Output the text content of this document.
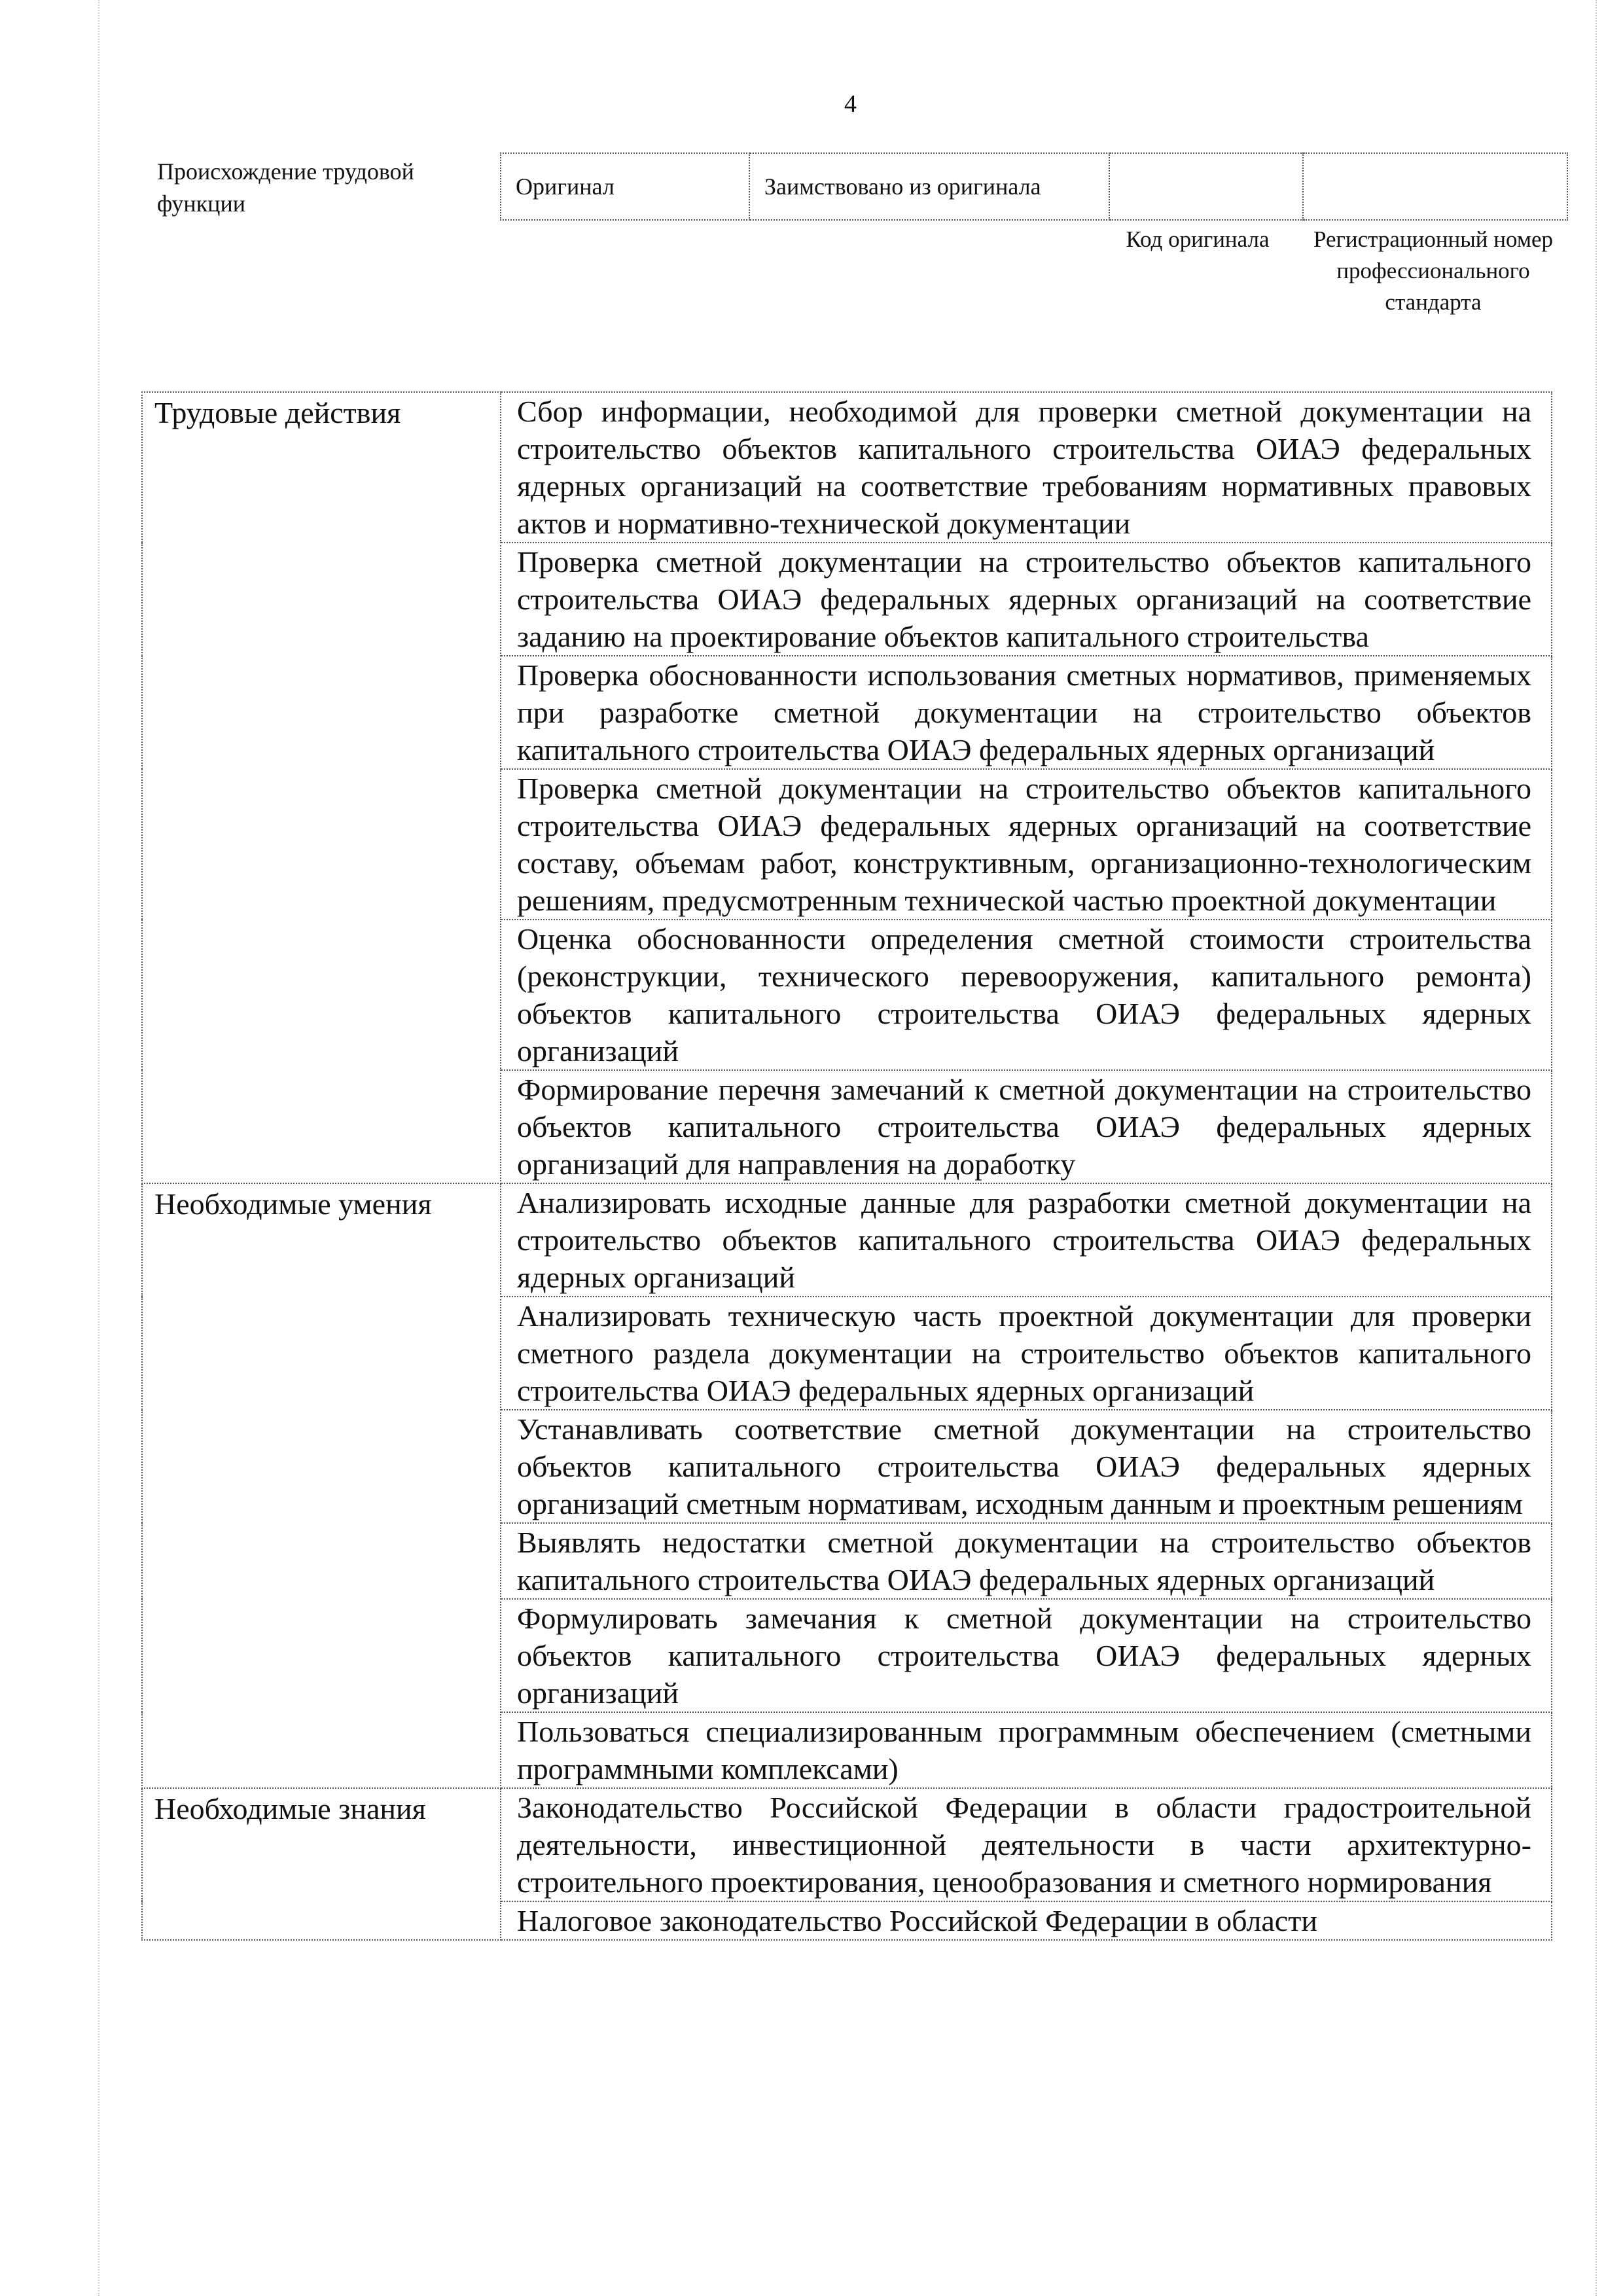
4
Происхождение трудовой функции
Оригинал	Заимствовано из оригинала		
Код оригинала	Регистрационный номер профессионального стандарта
Трудовые действия	Сбор информации, необходимой для проверки сметной документации на строительство объектов капитального строительства ОИАЭ федеральных ядерных организаций на соответствие требованиям нормативных правовых актов и нормативно-технической документации
	Проверка сметной документации на строительство объектов капитального строительства ОИАЭ федеральных ядерных организаций на соответствие заданию на проектирование объектов капитального строительства
	Проверка обоснованности использования сметных нормативов, применяемых при разработке сметной документации на строительство объектов капитального строительства ОИАЭ федеральных ядерных организаций
	Проверка сметной документации на строительство объектов капитального строительства ОИАЭ федеральных ядерных организаций на соответствие составу, объемам работ, конструктивным, организационно-технологическим решениям, предусмотренным технической частью проектной документации
	Оценка обоснованности определения сметной стоимости строительства (реконструкции, технического перевооружения, капитального ремонта) объектов капитального строительства ОИАЭ федеральных ядерных организаций
	Формирование перечня замечаний к сметной документации на строительство объектов капитального строительства ОИАЭ федеральных ядерных организаций для направления на доработку
Необходимые умения	Анализировать исходные данные для разработки сметной документации на строительство объектов капитального строительства ОИАЭ федеральных ядерных организаций
	Анализировать техническую часть проектной документации для проверки сметного раздела документации на строительство объектов капитального строительства ОИАЭ федеральных ядерных организаций
	Устанавливать соответствие сметной документации на строительство объектов капитального строительства ОИАЭ федеральных ядерных организаций сметным нормативам, исходным данным и проектным решениям
	Выявлять недостатки сметной документации на строительство объектов капитального строительства ОИАЭ федеральных ядерных организаций
	Формулировать замечания к сметной документации на строительство объектов капитального строительства ОИАЭ федеральных ядерных организаций
	Пользоваться специализированным программным обеспечением (сметными программными комплексами)
Необходимые знания	Законодательство Российской Федерации в области градостроительной деятельности, инвестиционной деятельности в части архитектурно-строительного проектирования, ценообразования и сметного нормирования
	Налоговое законодательство Российской Федерации в области
